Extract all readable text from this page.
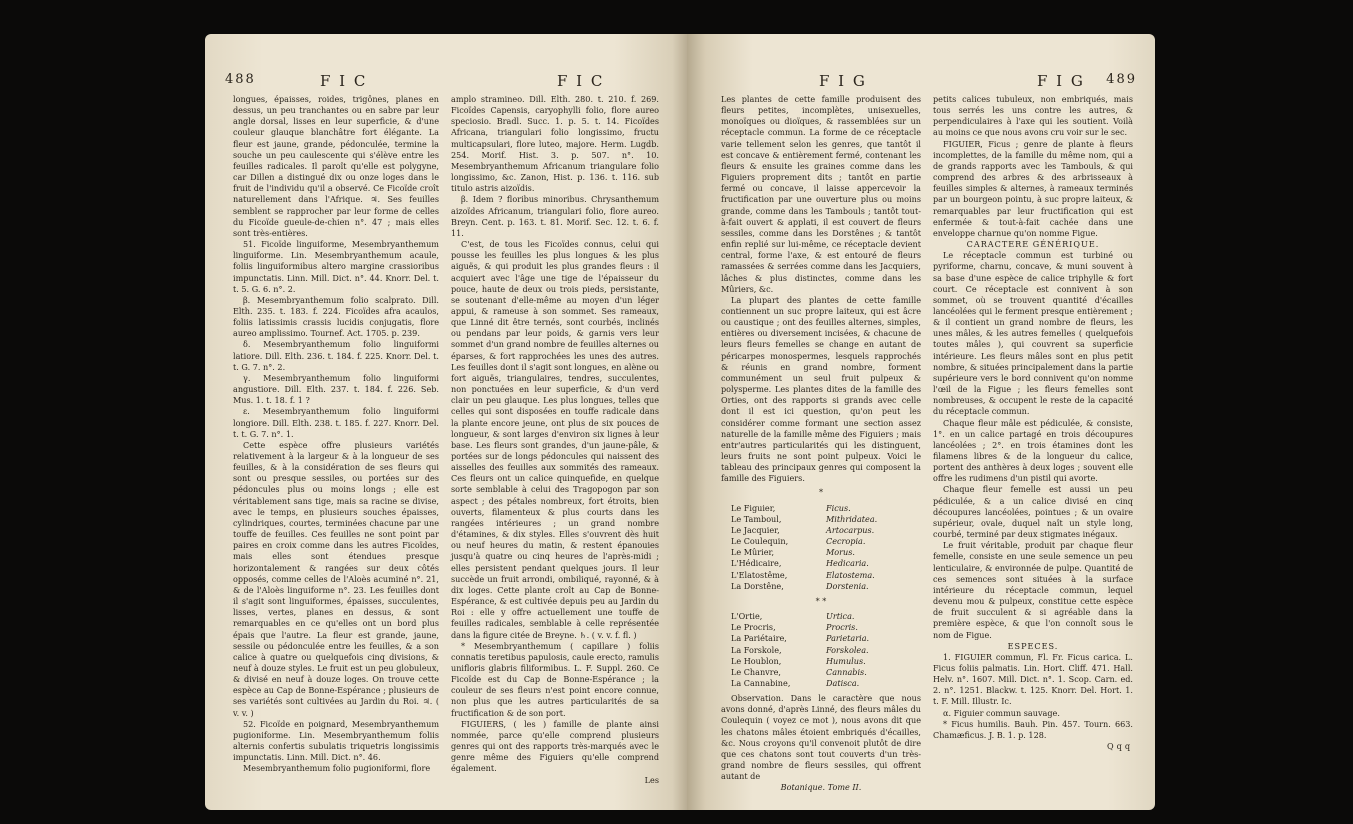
488	F I C	F I C

longues, épaisses, roides, trigônes, planes en dessus, un peu tranchantes ou en sabre par leur angle dorsal, lisses en leur superficie, & d'une couleur glauque blanchâtre fort élégante. La fleur est jaune, grande, pédonculée, termine la souche un peu caulescente qui s'élève entre les feuilles radicales. Il paroît qu'elle est polygyne, car Dillen a distingué dix ou onze loges dans le fruit de l'individu qu'il a observé. Ce Ficoïde croît naturellement dans l'Afrique. ♃. Ses feuilles semblent se rapprocher par leur forme de celles du Ficoïde gueule-de-chien n°. 47 ; mais elles sont très-entières.

51. Ficoïde linguiforme, Mesembryanthemum linguiforme. Lin. Mesembryanthemum acaule, foliis linguiformibus altero margine crassioribus impunctatis. Linn. Mill. Dict. n°. 44. Knorr. Del. t. t. 5. G. 6. n°. 2.

β. Mesembryanthemum folio scalprato. Dill. Elth. 235. t. 183. f. 224. Ficoïdes afra acaulos, foliis latissimis crassis lucidis conjugatis, flore aureo amplissimo. Tournef. Act. 1705. p. 239.

δ. Mesembryanthemum folio linguiformi latiore. Dill. Elth. 236. t. 184. f. 225. Knorr. Del. t. t. G. 7. n°. 2.

γ. Mesembryanthemum folio linguiformi angustiore. Dill. Elth. 237. t. 184. f. 226. Seb. Mus. 1. t. 18. f. 1 ?

ε. Mesembryanthemum folio linguiformi longiore. Dill. Elth. 238. t. 185. f. 227. Knorr. Del. t. t. G. 7. n°. 1.

Cette espèce offre plusieurs variétés relativement à la largeur & à la longueur de ses feuilles, & à la considération de ses fleurs qui sont ou presque sessiles, ou portées sur des pédoncules plus ou moins longs ; elle est véritablement sans tige, mais sa racine se divise, avec le temps, en plusieurs souches épaisses, cylindriques, courtes, terminées chacune par une touffe de feuilles. Ces feuilles ne sont point par paires en croix comme dans les autres Ficoïdes, mais elles sont étendues presque horizontalement & rangées sur deux côtés opposés, comme celles de l'Aloès acuminé n°. 21, & de l'Aloès linguiforme n°. 23. Les feuilles dont il s'agit sont linguiformes, épaisses, succulentes, lisses, vertes, planes en dessus, & sont remarquables en ce qu'elles ont un bord plus épais que l'autre. La fleur est grande, jaune, sessile ou pédonculée entre les feuilles, & a son calice à quatre ou quelquefois cinq divisions, & neuf à douze styles. Le fruit est un peu globuleux, & divisé en neuf à douze loges. On trouve cette espèce au Cap de Bonne-Espérance ; plusieurs de ses variétés sont cultivées au Jardin du Roi. ♃. ( v. v. )

52. Ficoïde en poignard, Mesembryanthemum pugioniforme. Lin. Mesembryanthemum foliis alternis confertis subulatis triquetris longissimis impunctatis. Linn. Mill. Dict. n°. 46.

Mesembryanthemum folio pugioniformi, flore

amplo stramineo. Dill. Elth. 280. t. 210. f. 269. Ficoïdes Capensis, caryophylli folio, flore aureo speciosio. Bradl. Succ. 1. p. 5. t. 14. Ficoïdes Africana, triangulari folio longissimo, fructu multicapsulari, flore luteo, majore. Herm. Lugdb. 254. Morif. Hist. 3. p. 507. n°. 10. Mesembryanthemum Africanum triangulare folio longissimo, &c. Zanon, Hist. p. 136. t. 116. sub titulo astris aizoïdis.

β. Idem ? floribus minoribus. Chrysanthemum aizoïdes Africanum, triangulari folio, flore aureo. Breyn. Cent. p. 163. t. 81. Morif. Sec. 12. t. 6. f. 11.

C'est, de tous les Ficoïdes connus, celui qui pousse les feuilles les plus longues & les plus aiguës, & qui produit les plus grandes fleurs : il acquiert avec l'âge une tige de l'épaisseur du pouce, haute de deux ou trois pieds, persistante, se soutenant d'elle-même au moyen d'un léger appui, & rameuse à son sommet. Ses rameaux, que Linné dit être ternés, sont courbés, inclinés ou pendans par leur poids, & garnis vers leur sommet d'un grand nombre de feuilles alternes ou éparses, & fort rapprochées les unes des autres. Les feuilles dont il s'agit sont longues, en alène ou fort aiguës, triangulaires, tendres, succulentes, non ponctuées en leur superficie, & d'un verd clair un peu glauque. Les plus longues, telles que celles qui sont disposées en touffe radicale dans la plante encore jeune, ont plus de six pouces de longueur, & sont larges d'environ six lignes à leur base. Les fleurs sont grandes, d'un jaune-pâle, & portées sur de longs pédoncules qui naissent des aisselles des feuilles aux sommités des rameaux. Ces fleurs ont un calice quinquefide, en quelque sorte semblable à celui des Tragopogon par son aspect ; des pétales nombreux, fort étroits, bien ouverts, filamenteux & plus courts dans les rangées intérieures ; un grand nombre d'étamines, & dix styles. Elles s'ouvrent dès huit ou neuf heures du matin, & restent épanouies jusqu'à quatre ou cinq heures de l'après-midi ; elles persistent pendant quelques jours. Il leur succède un fruit arrondi, ombiliqué, rayonné, & à dix loges. Cette plante croît au Cap de Bonne-Espérance, & est cultivée depuis peu au Jardin du Roi : elle y offre actuellement une touffe de feuilles radicales, semblable à celle représentée dans la figure citée de Breyne. ♄. ( v. v. f. fl. )

* Mesembryanthemum ( capillare ) foliis connatis teretibus papulosis, caule erecto, ramulis unifloris glabris filiformibus. L. F. Suppl. 260. Ce Ficoïde est du Cap de Bonne-Espérance ; la couleur de ses fleurs n'est point encore connue, non plus que les autres particularités de sa fructification & de son port.

FIGUIERS, ( les ) famille de plante ainsi nommée, parce qu'elle comprend plusieurs genres qui ont des rapports très-marqués avec le genre même des Figuiers qu'elle comprend également.

Les
F I G	F I G 489

Les plantes de cette famille produisent des fleurs petites, incomplètes, unisexuelles, monoïques ou dioïques, & rassemblées sur un réceptacle commun. La forme de ce réceptacle varie tellement selon les genres, que tantôt il est concave & entièrement fermé, contenant les fleurs & ensuite les graines comme dans les Figuiers proprement dits ; tantôt en partie fermé ou concave, il laisse appercevoir la fructification par une ouverture plus ou moins grande, comme dans les Tambouls ; tantôt tout-à-fait ouvert & applati, il est couvert de fleurs sessiles, comme dans les Dorstênes ; & tantôt enfin replié sur lui-même, ce réceptacle devient central, forme l'axe, & est entouré de fleurs ramassées & serrées comme dans les Jacquiers, lâches & plus distinctes, comme dans les Mûriers, &c.

La plupart des plantes de cette famille contiennent un suc propre laiteux, qui est âcre ou caustique ; ont des feuilles alternes, simples, entières ou diversement incisées, & chacune de leurs fleurs femelles se change en autant de péricarpes monospermes, lesquels rapprochés & réunis en grand nombre, forment communément un seul fruit pulpeux & polysperme. Les plantes dites de la famille des Orties, ont des rapports si grands avec celle dont il est ici question, qu'on peut les considérer comme formant une section assez naturelle de la famille même des Figuiers ; mais entr'autres particularités qui les distinguent, leurs fruits ne sont point pulpeux. Voici le tableau des principaux genres qui composent la famille des Figuiers.

*
Le Figuier,	Ficus.
Le Tamboul,	Mithridatea.
Le Jacquier,	Artocarpus.
Le Coulequin,	Cecropia.
Le Mûrier,	Morus.
L'Hédicaire,	Hedicaria.
L'Elatostême,	Elatostema.
La Dorstêne,	Dorstenia.
* *
L'Ortie,	Urtica.
Le Procris,	Procris.
La Pariétaire,	Parietaria.
La Forskole,	Forskolea.
Le Houblon,	Humulus.
Le Chanvre,	Cannabis.
La Cannabine,	Datisca.

Observation. Dans le caractère que nous avons donné, d'après Linné, des fleurs mâles du Coulequin ( voyez ce mot ), nous avons dit que les chatons mâles étoient embriqués d'écailles, &c. Nous croyons qu'il convenoit plutôt de dire que ces chatons sont tout couverts d'un très-grand nombre de fleurs sessiles, qui offrent autant de

Botanique. Tome II.

petits calices tubuleux, non embriqués, mais tous serrés les uns contre les autres, & perpendiculaires à l'axe qui les soutient. Voilà au moins ce que nous avons cru voir sur le sec.

FIGUIER, Ficus ; genre de plante à fleurs incomplettes, de la famille du même nom, qui a de grands rapports avec les Tambouls, & qui comprend des arbres & des arbrisseaux à feuilles simples & alternes, à rameaux terminés par un bourgeon pointu, à suc propre laiteux, & remarquables par leur fructification qui est enfermée & tout-à-fait cachée dans une enveloppe charnue qu'on nomme Figue.

CARACTERE GÉNÉRIQUE.

Le réceptacle commun est turbiné ou pyriforme, charnu, concave, & muni souvent à sa base d'une espèce de calice triphylle & fort court. Ce réceptacle est connivent à son sommet, où se trouvent quantité d'écailles lancéolées qui le ferment presque entièrement ; & il contient un grand nombre de fleurs, les unes mâles, & les autres femelles ( quelquefois toutes mâles ), qui couvrent sa superficie intérieure. Les fleurs mâles sont en plus petit nombre, & situées principalement dans la partie supérieure vers le bord connivent qu'on nomme l'œil de la Figue ; les fleurs femelles sont nombreuses, & occupent le reste de la capacité du réceptacle commun.

Chaque fleur mâle est pédiculée, & consiste, 1°. en un calice partagé en trois découpures lancéolées ; 2°. en trois étamines dont les filamens libres & de la longueur du calice, portent des anthères à deux loges ; souvent elle offre les rudimens d'un pistil qui avorte.

Chaque fleur femelle est aussi un peu pédiculée, & a un calice divisé en cinq découpures lancéolées, pointues ; & un ovaire supérieur, ovale, duquel naît un style long, courbé, terminé par deux stigmates inégaux.

Le fruit véritable, produit par chaque fleur femelle, consiste en une seule semence un peu lenticulaire, & environnée de pulpe. Quantité de ces semences sont situées à la surface intérieure du réceptacle commun, lequel devenu mou & pulpeux, constitue cette espèce de fruit succulent & si agréable dans la première espèce, & que l'on connoît sous le nom de Figue.

ESPECES.

1. FIGUIER commun, Fl. Fr. Ficus carica. L. Ficus foliis palmatis. Lin. Hort. Cliff. 471. Hall. Helv. n°. 1607. Mill. Dict. n°. 1. Scop. Carn. ed. 2. n°. 1251. Blackw. t. 125. Knorr. Del. Hort. 1. t. F. Mill. Illustr. Ic.

α. Figuier commun sauvage.

* Ficus humilis. Bauh. Pin. 457. Tourn. 663. Chamæficus. J. B. 1. p. 128.

Qqq
